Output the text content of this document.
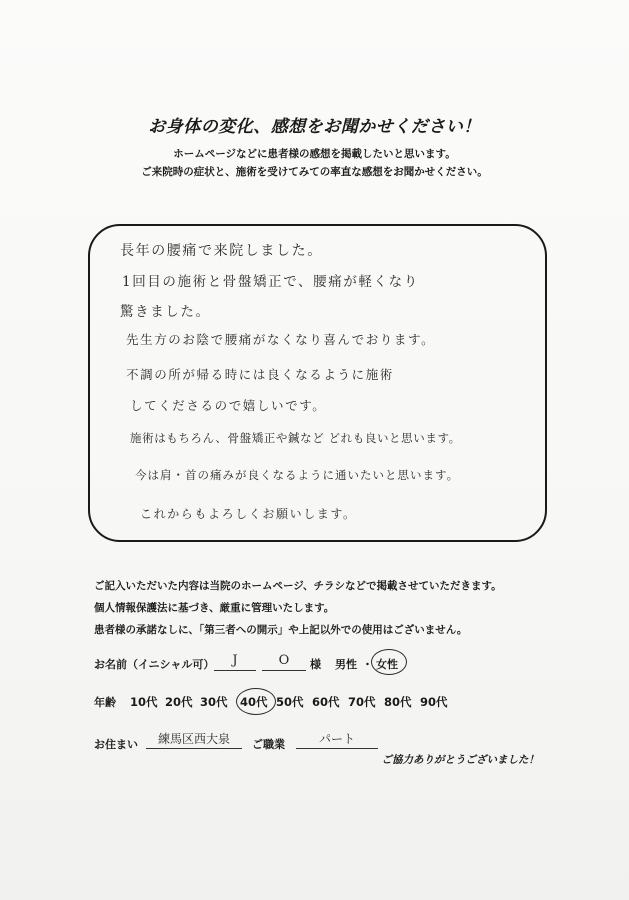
お身体の変化、感想をお聞かせください！
ホームページなどに患者様の感想を掲載したいと思います。
ご来院時の症状と、施術を受けてみての率直な感想をお聞かせください。
長年の腰痛で来院しました。
1回目の施術と骨盤矯正で、腰痛が軽くなり
驚きました。
先生方のお陰で腰痛がなくなり喜んでおります。
不調の所が帰る時には良くなるように施術
してくださるので嬉しいです。
施術はもちろん、骨盤矯正や鍼など どれも良いと思います。
今は肩・首の痛みが良くなるように通いたいと思います。
これからもよろしくお願いします。
ご記入いただいた内容は当院のホームページ、チラシなどで掲載させていただきます。
個人情報保護法に基づき、厳重に管理いたします。
患者様の承諾なしに、「第三者への開示」や上記以外での使用はございません。
お名前（イニシャル可）	J	O	様 男性 ・ 女性
年齢 10代 20代 30代 40代 50代 60代 70代 80代 90代
お住まい	練馬区西大泉	ご職業	パート
ご協力ありがとうございました！
